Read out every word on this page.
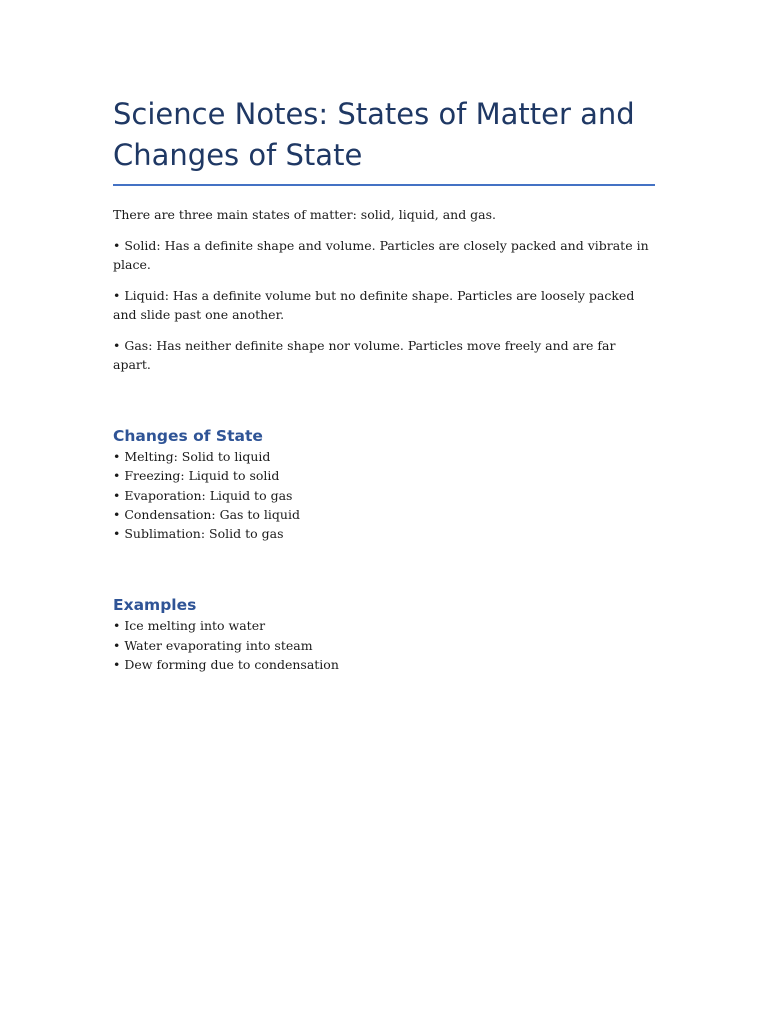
Science Notes: States of Matter and Changes of State

There are three main states of matter: solid, liquid, and gas.

• Solid: Has a definite shape and volume. Particles are closely packed and vibrate in place.

• Liquid: Has a definite volume but no definite shape. Particles are loosely packed and slide past one another.

• Gas: Has neither definite shape nor volume. Particles move freely and are far apart.

Changes of State
• Melting: Solid to liquid
• Freezing: Liquid to solid
• Evaporation: Liquid to gas
• Condensation: Gas to liquid
• Sublimation: Solid to gas
Examples
• Ice melting into water
• Water evaporating into steam
• Dew forming due to condensation
